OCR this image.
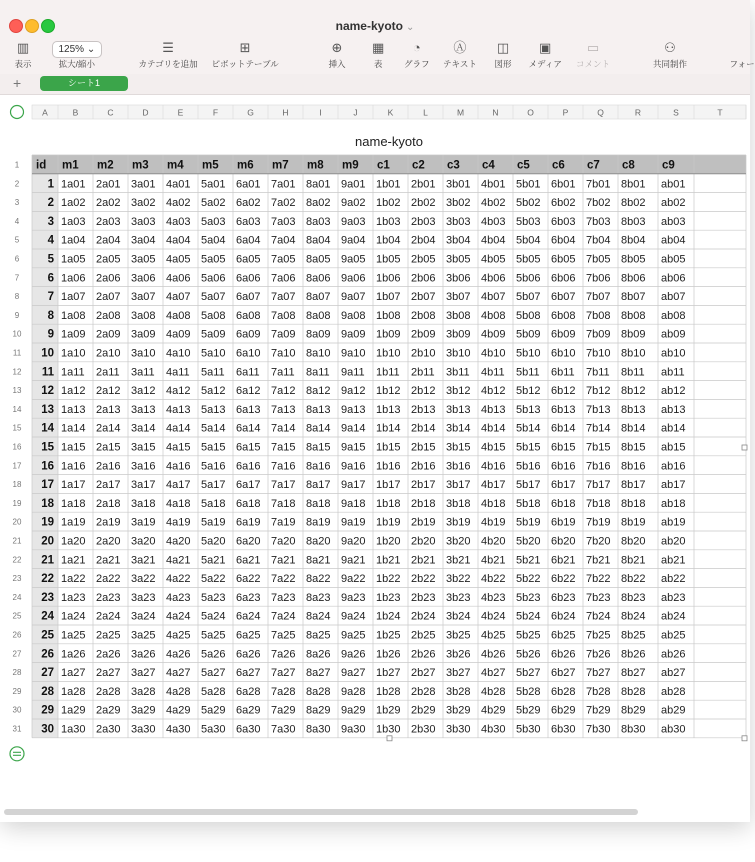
name-kyoto ⌄
▥
表示
125% ⌄
拡大/縮小
☰
カテゴリを追加
⊞
ピボットテーブル
⊕
挿入
▦
表
◔
グラフ
Ⓐ
テキスト
◫
図形
▣
メディア
▭
コメント
⚇
共同制作	フォー
+	シート1
A	B	C	D	E	F	G	H	I	J	K	L	M	N	O	P	Q	R	S	T
name-kyoto
1
2
3
4
5
6
7
8
9
10
11
12
13
14
15
16
17
18
19
20
21
22
23
24
25
26
27
28
29
30
31
id m1 m2 m3 m4 m5 m6 m7 m8 m9 c1 c2 c3 c4 c5 c6 c7 c8 c9
1 1a01 2a01 3a01 4a01 5a01 6a01 7a01 8a01 9a01 1b01 2b01 3b01 4b01 5b01 6b01 7b01 8b01 ab01
2 1a02 2a02 3a02 4a02 5a02 6a02 7a02 8a02 9a02 1b02 2b02 3b02 4b02 5b02 6b02 7b02 8b02 ab02
3 1a03 2a03 3a03 4a03 5a03 6a03 7a03 8a03 9a03 1b03 2b03 3b03 4b03 5b03 6b03 7b03 8b03 ab03
4 1a04 2a04 3a04 4a04 5a04 6a04 7a04 8a04 9a04 1b04 2b04 3b04 4b04 5b04 6b04 7b04 8b04 ab04
5 1a05 2a05 3a05 4a05 5a05 6a05 7a05 8a05 9a05 1b05 2b05 3b05 4b05 5b05 6b05 7b05 8b05 ab05
6 1a06 2a06 3a06 4a06 5a06 6a06 7a06 8a06 9a06 1b06 2b06 3b06 4b06 5b06 6b06 7b06 8b06 ab06
7 1a07 2a07 3a07 4a07 5a07 6a07 7a07 8a07 9a07 1b07 2b07 3b07 4b07 5b07 6b07 7b07 8b07 ab07
8 1a08 2a08 3a08 4a08 5a08 6a08 7a08 8a08 9a08 1b08 2b08 3b08 4b08 5b08 6b08 7b08 8b08 ab08
9 1a09 2a09 3a09 4a09 5a09 6a09 7a09 8a09 9a09 1b09 2b09 3b09 4b09 5b09 6b09 7b09 8b09 ab09
10 1a10 2a10 3a10 4a10 5a10 6a10 7a10 8a10 9a10 1b10 2b10 3b10 4b10 5b10 6b10 7b10 8b10 ab10
11 1a11 2a11 3a11 4a11 5a11 6a11 7a11 8a11 9a11 1b11 2b11 3b11 4b11 5b11 6b11 7b11 8b11 ab11
12 1a12 2a12 3a12 4a12 5a12 6a12 7a12 8a12 9a12 1b12 2b12 3b12 4b12 5b12 6b12 7b12 8b12 ab12
13 1a13 2a13 3a13 4a13 5a13 6a13 7a13 8a13 9a13 1b13 2b13 3b13 4b13 5b13 6b13 7b13 8b13 ab13
14 1a14 2a14 3a14 4a14 5a14 6a14 7a14 8a14 9a14 1b14 2b14 3b14 4b14 5b14 6b14 7b14 8b14 ab14
15 1a15 2a15 3a15 4a15 5a15 6a15 7a15 8a15 9a15 1b15 2b15 3b15 4b15 5b15 6b15 7b15 8b15 ab15
16 1a16 2a16 3a16 4a16 5a16 6a16 7a16 8a16 9a16 1b16 2b16 3b16 4b16 5b16 6b16 7b16 8b16 ab16
17 1a17 2a17 3a17 4a17 5a17 6a17 7a17 8a17 9a17 1b17 2b17 3b17 4b17 5b17 6b17 7b17 8b17 ab17
18 1a18 2a18 3a18 4a18 5a18 6a18 7a18 8a18 9a18 1b18 2b18 3b18 4b18 5b18 6b18 7b18 8b18 ab18
19 1a19 2a19 3a19 4a19 5a19 6a19 7a19 8a19 9a19 1b19 2b19 3b19 4b19 5b19 6b19 7b19 8b19 ab19
20 1a20 2a20 3a20 4a20 5a20 6a20 7a20 8a20 9a20 1b20 2b20 3b20 4b20 5b20 6b20 7b20 8b20 ab20
21 1a21 2a21 3a21 4a21 5a21 6a21 7a21 8a21 9a21 1b21 2b21 3b21 4b21 5b21 6b21 7b21 8b21 ab21
22 1a22 2a22 3a22 4a22 5a22 6a22 7a22 8a22 9a22 1b22 2b22 3b22 4b22 5b22 6b22 7b22 8b22 ab22
23 1a23 2a23 3a23 4a23 5a23 6a23 7a23 8a23 9a23 1b23 2b23 3b23 4b23 5b23 6b23 7b23 8b23 ab23
24 1a24 2a24 3a24 4a24 5a24 6a24 7a24 8a24 9a24 1b24 2b24 3b24 4b24 5b24 6b24 7b24 8b24 ab24
25 1a25 2a25 3a25 4a25 5a25 6a25 7a25 8a25 9a25 1b25 2b25 3b25 4b25 5b25 6b25 7b25 8b25 ab25
26 1a26 2a26 3a26 4a26 5a26 6a26 7a26 8a26 9a26 1b26 2b26 3b26 4b26 5b26 6b26 7b26 8b26 ab26
27 1a27 2a27 3a27 4a27 5a27 6a27 7a27 8a27 9a27 1b27 2b27 3b27 4b27 5b27 6b27 7b27 8b27 ab27
28 1a28 2a28 3a28 4a28 5a28 6a28 7a28 8a28 9a28 1b28 2b28 3b28 4b28 5b28 6b28 7b28 8b28 ab28
29 1a29 2a29 3a29 4a29 5a29 6a29 7a29 8a29 9a29 1b29 2b29 3b29 4b29 5b29 6b29 7b29 8b29 ab29
30 1a30 2a30 3a30 4a30 5a30 6a30 7a30 8a30 9a30 1b30 2b30 3b30 4b30 5b30 6b30 7b30 8b30 ab30
